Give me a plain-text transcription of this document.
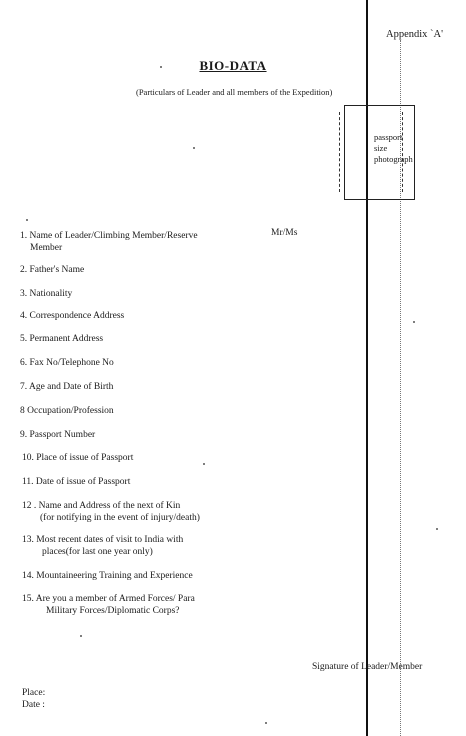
Appendix `A'
BIO-DATA
(Particulars of Leader and all members of the Expedition)
passport
size
photograph
Mr/Ms
1. Name of Leader/Climbing Member/Reserve
Member
2. Father's Name
3. Nationality
4. Correspondence Address
5. Permanent Address
6. Fax No/Telephone No
7. Age and Date of Birth
8 Occupation/Profession
9. Passport Number
10. Place of issue of Passport
11. Date of issue of Passport
12 . Name and Address of the next of Kin
(for notifying in the event of injury/death)
13. Most recent dates of visit to India with
places(for last one year only)
14. Mountaineering Training and Experience
15. Are you a member of Armed Forces/ Para
Military Forces/Diplomatic Corps?
Signature of Leader/Member
Place:
Date :
